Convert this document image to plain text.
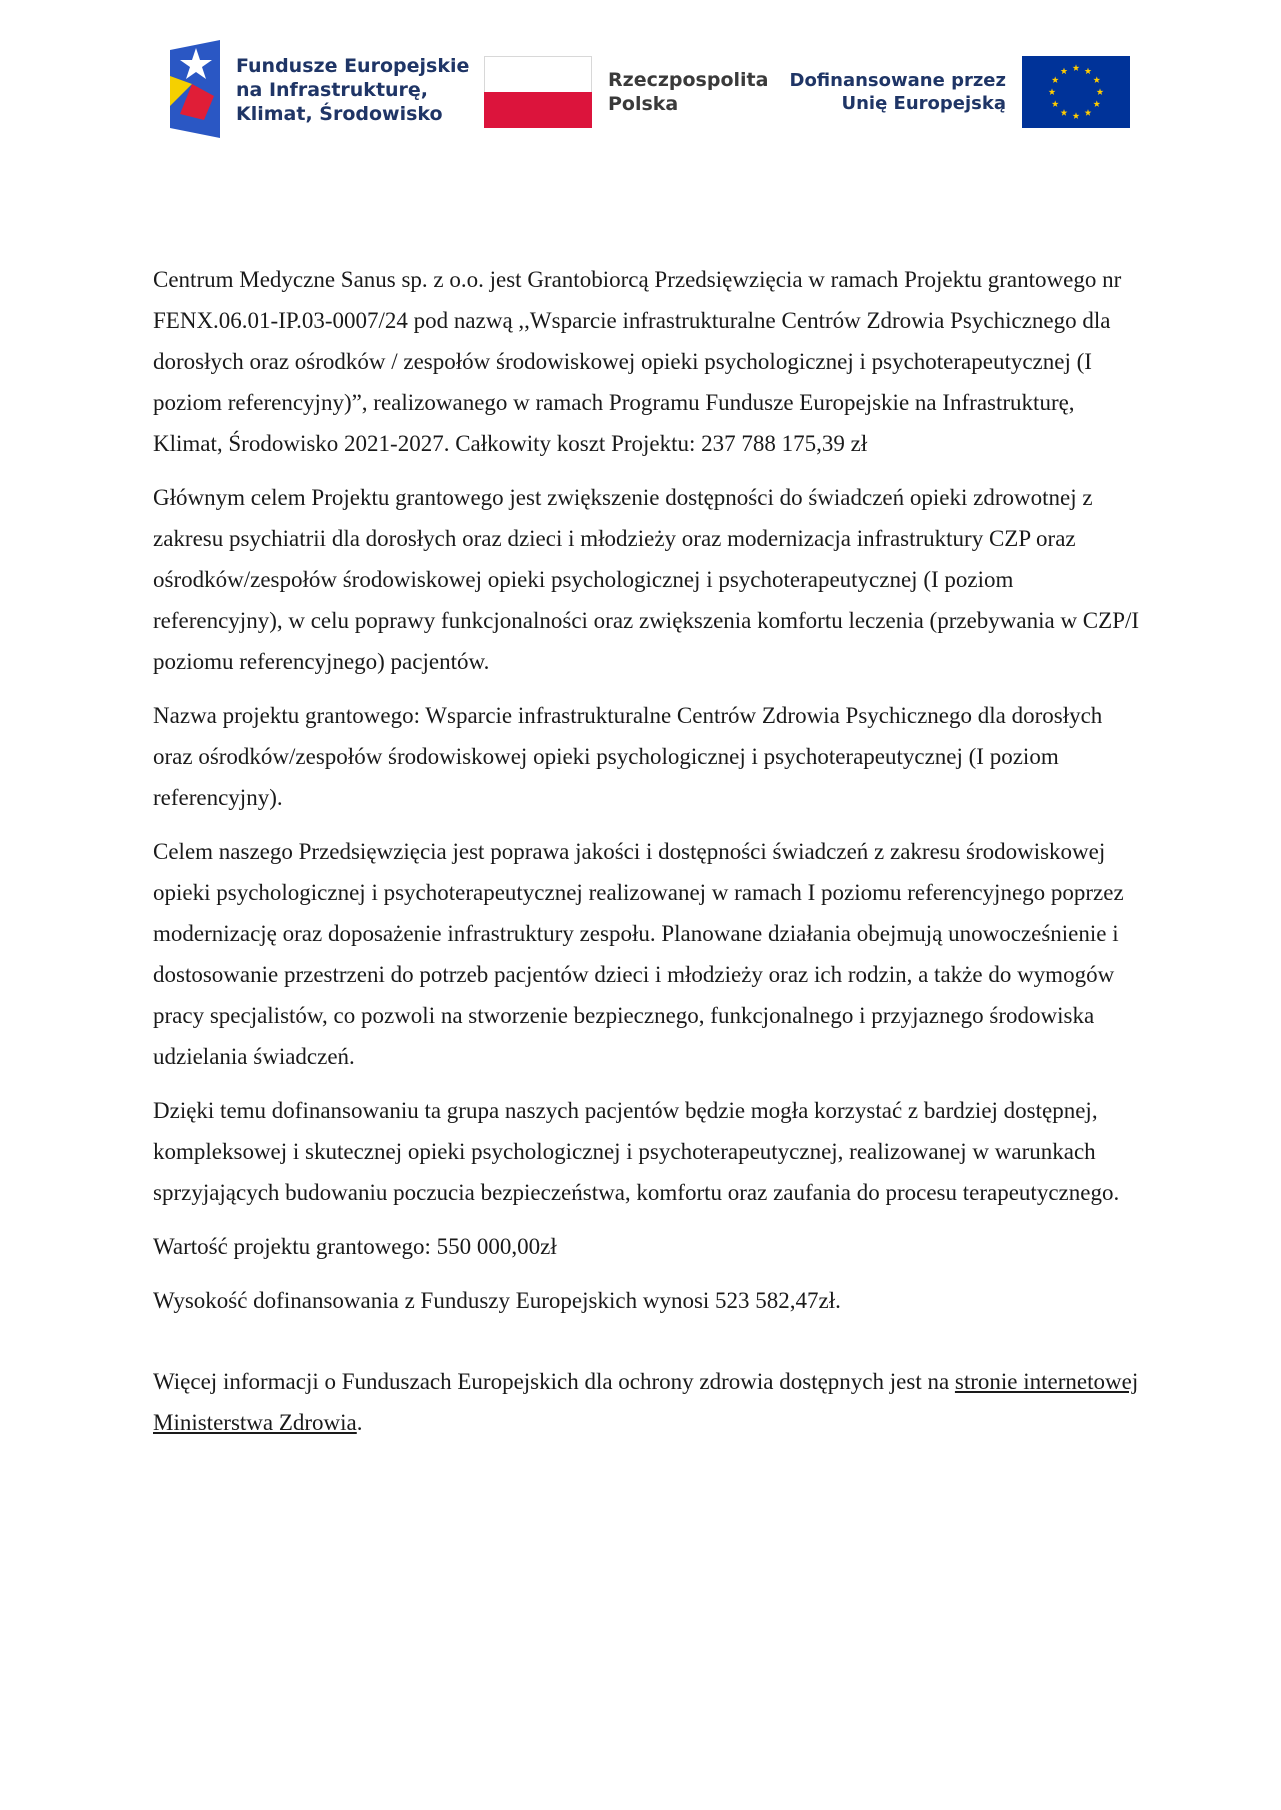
Fundusze Europejskie
na Infrastrukturę,
Klimat, Środowisko
Rzeczpospolita
Polska
Dofinansowane przez
Unię Europejską

Centrum Medyczne Sanus sp. z o.o. jest Grantobiorcą Przedsięwzięcia w ramach Projektu grantowego nr FENX.06.01-IP.03-0007/24 pod nazwą ,,Wsparcie infrastrukturalne Centrów Zdrowia Psychicznego dla dorosłych oraz ośrodków / zespołów środowiskowej opieki psychologicznej i psychoterapeutycznej (I poziom referencyjny)”, realizowanego w ramach Programu Fundusze Europejskie na Infrastrukturę, Klimat, Środowisko 2021-2027. Całkowity koszt Projektu: 237 788 175,39 zł

Głównym celem Projektu grantowego jest zwiększenie dostępności do świadczeń opieki zdrowotnej z zakresu psychiatrii dla dorosłych oraz dzieci i młodzieży oraz modernizacja infrastruktury CZP oraz ośrodków/zespołów środowiskowej opieki psychologicznej i psychoterapeutycznej (I poziom referencyjny), w celu poprawy funkcjonalności oraz zwiększenia komfortu leczenia (przebywania w CZP/I poziomu referencyjnego) pacjentów.

Nazwa projektu grantowego: Wsparcie infrastrukturalne Centrów Zdrowia Psychicznego dla dorosłych oraz ośrodków/zespołów środowiskowej opieki psychologicznej i psychoterapeutycznej (I poziom referencyjny).

Celem naszego Przedsięwzięcia jest poprawa jakości i dostępności świadczeń z zakresu środowiskowej opieki psychologicznej i psychoterapeutycznej realizowanej w ramach I poziomu referencyjnego poprzez modernizację oraz doposażenie infrastruktury zespołu. Planowane działania obejmują unowocześnienie i dostosowanie przestrzeni do potrzeb pacjentów dzieci i młodzieży oraz ich rodzin, a także do wymogów pracy specjalistów, co pozwoli na stworzenie bezpiecznego, funkcjonalnego i przyjaznego środowiska udzielania świadczeń.

Dzięki temu dofinansowaniu ta grupa naszych pacjentów będzie mogła korzystać z bardziej dostępnej, kompleksowej i skutecznej opieki psychologicznej i psychoterapeutycznej, realizowanej w warunkach sprzyjających budowaniu poczucia bezpieczeństwa, komfortu oraz zaufania do procesu terapeutycznego.

Wartość projektu grantowego: 550 000,00zł

Wysokość dofinansowania z Funduszy Europejskich wynosi 523 582,47zł.

Więcej informacji o Funduszach Europejskich dla ochrony zdrowia dostępnych jest na stronie internetowej Ministerstwa Zdrowia.
